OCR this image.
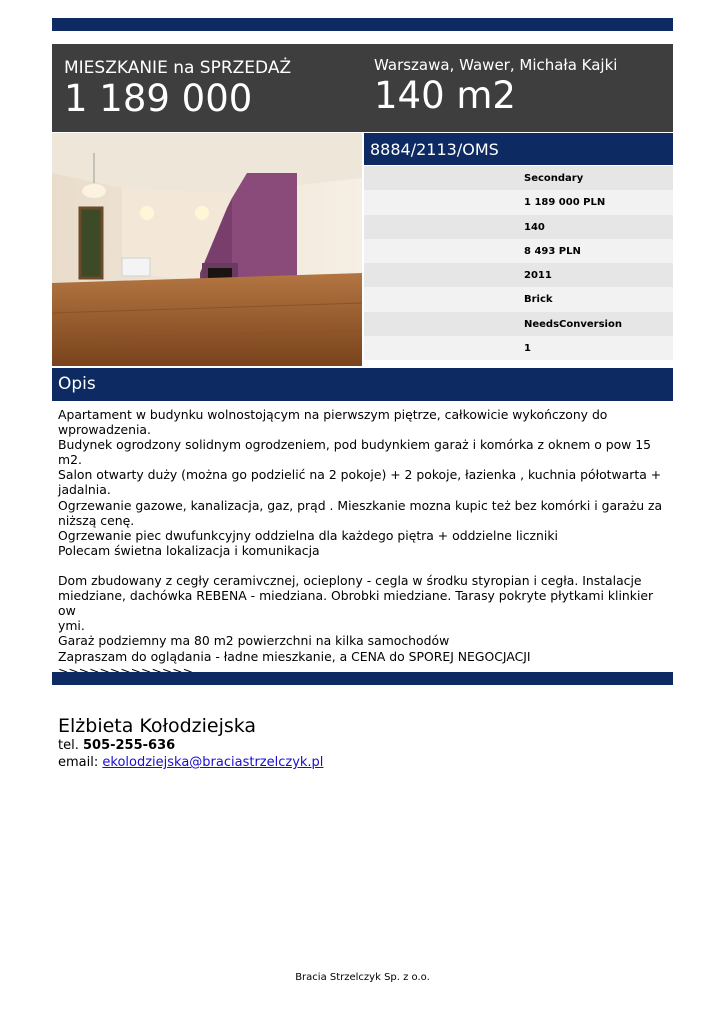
MIESZKANIE na SPRZEDAŻ
1 189 000
Warszawa, Wawer, Michała Kajki
140 m2
8884/2113/OMS
Secondary
1 189 000 PLN
140
8 493 PLN
2011
Brick
NeedsConversion
1
Opis
Apartament w budynku wolnostojącym na pierwszym piętrze, całkowicie wykończony do
wprowadzenia.
Budynek ogrodzony solidnym ogrodzeniem, pod budynkiem garaż i komórka z oknem o pow 15
m2.
Salon otwarty duży (można go podzielić na 2 pokoje) + 2 pokoje, łazienka , kuchnia półotwarta +
jadalnia.
Ogrzewanie gazowe, kanalizacja, gaz, prąd . Mieszkanie mozna kupic też bez komórki i garażu za
niższą cenę.
Ogrzewanie piec dwufunkcyjny oddzielna dla każdego piętra + oddzielne liczniki
Polecam świetna lokalizacja i komunikacja
Dom zbudowany z cegły ceramivcznej, ocieplony - cegla w środku styropian i cegła. Instalacje
miedziane, dachówka REBENA - miedziana. Obrobki miedziane. Tarasy pokryte płytkami klinkier
ow
ymi.
Garaż podziemny ma 80 m2 powierzchni na kilka samochodów
Zapraszam do oglądania - ładne mieszkanie, a CENA do SPOREJ NEGOCJACJI
Elżbieta Kołodziejska
tel. 505-255-636
email: ekolodziejska@braciastrzelczyk.pl
Bracia Strzelczyk Sp. z o.o.
